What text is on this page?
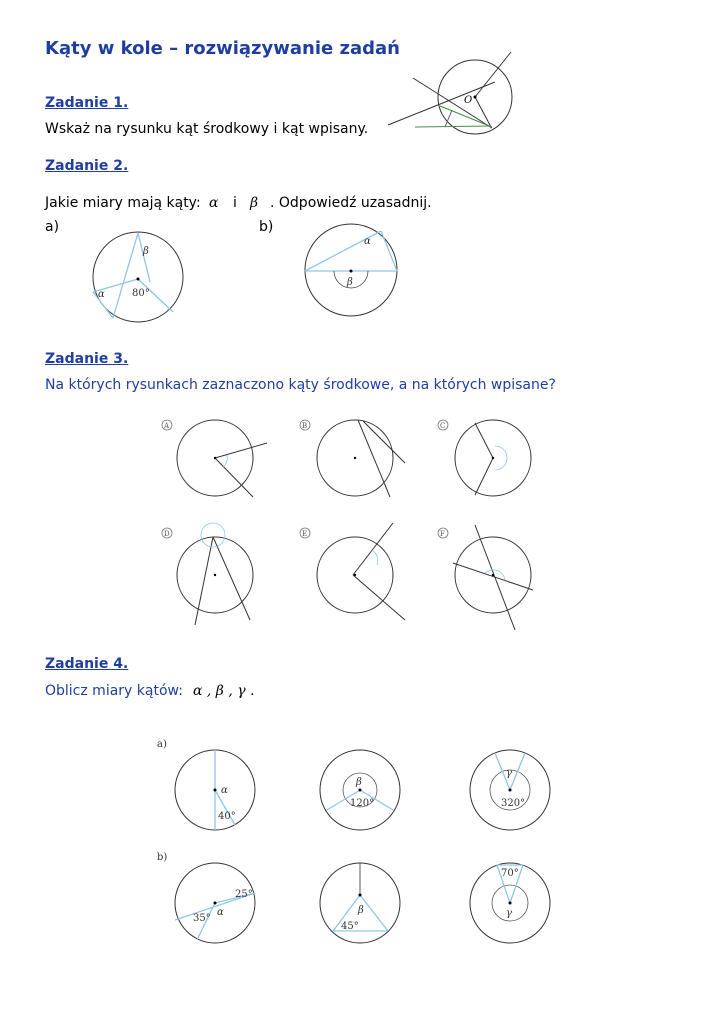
Kąty w kole – rozwiązywanie zadań
Zadanie 1.
Wskaż na rysunku kąt środkowy i kąt wpisany.
O
Zadanie 2.
Jakie miary mają kąty: α i β . Odpowiedź uzasadnij.
a)	b)
β
α	80°
α
β
Zadanie 3.
Na których rysunkach zaznaczono kąty środkowe, a na których wpisane?
A	B	C
D	E	F
Zadanie 4.
Oblicz miary kątów: α , β , γ .
a)
b)
α
40°
β
120°
γ
320°
α
25°
35°
β
45°
70°
γ
